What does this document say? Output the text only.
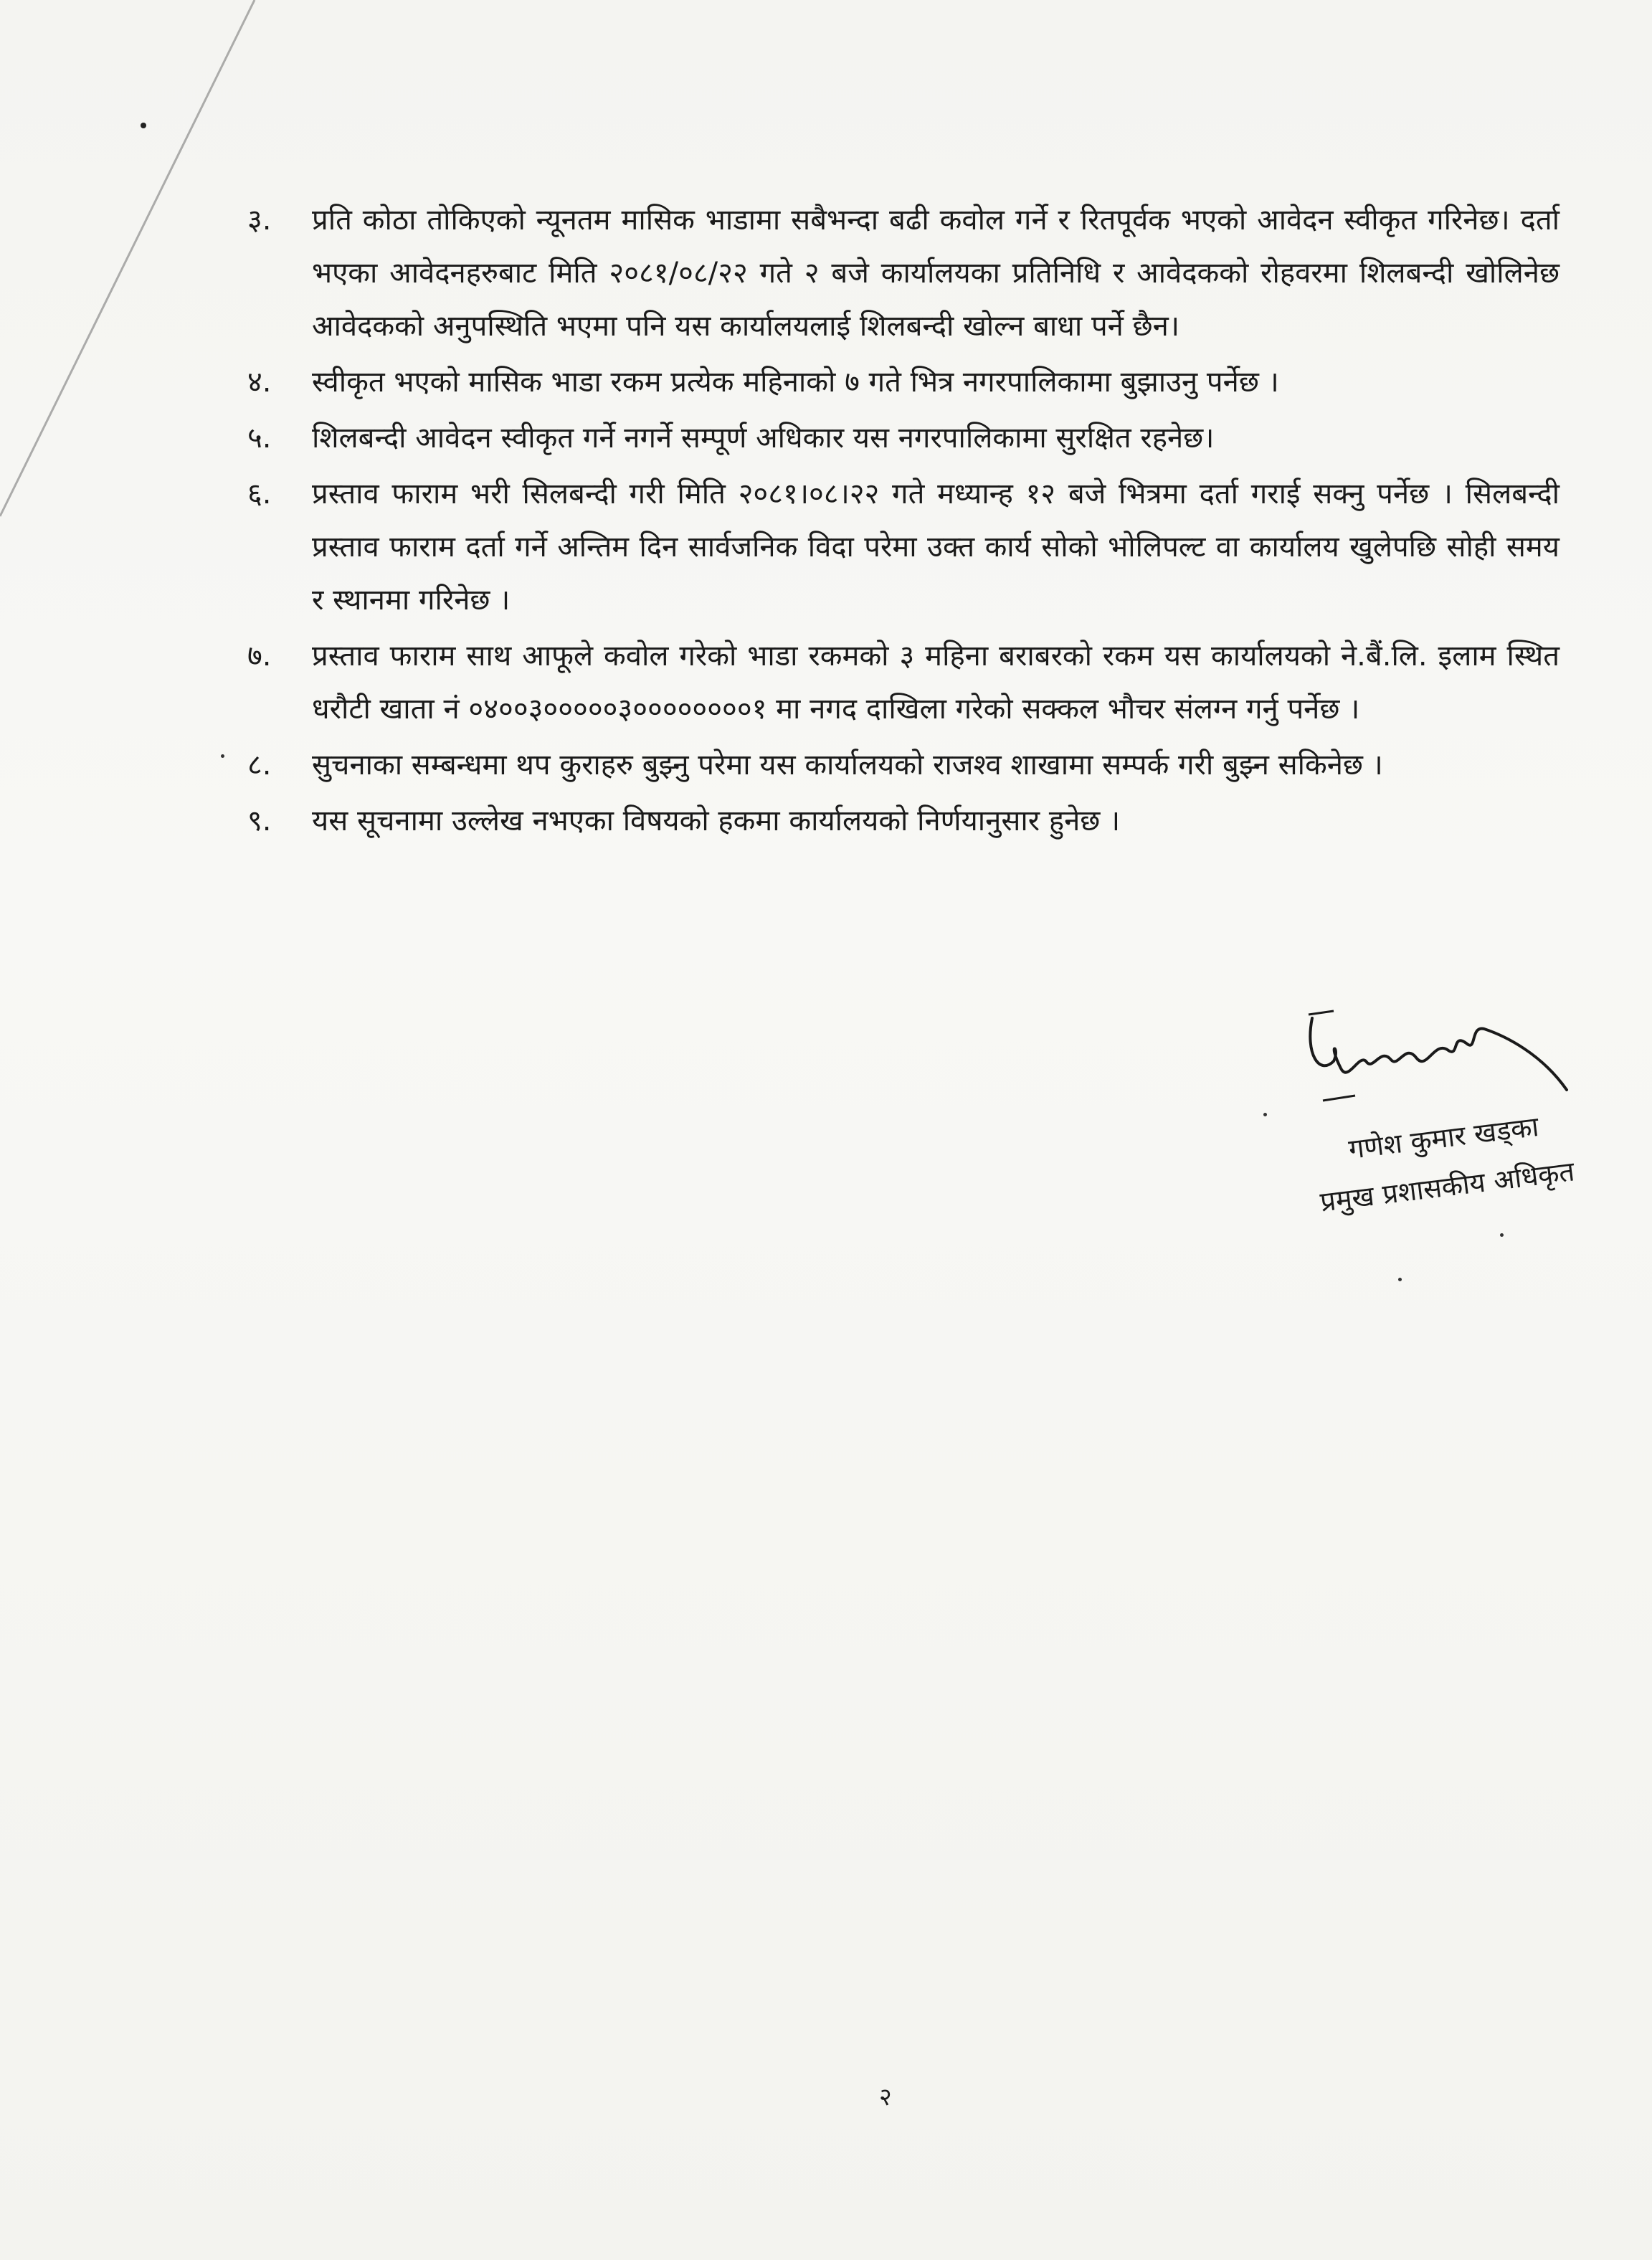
३.	प्रति कोठा तोकिएको न्यूनतम मासिक भाडामा सबैभन्दा बढी कवोल गर्ने र रितपूर्वक भएको आवेदन स्वीकृत गरिनेछ। दर्ता भएका आवेदनहरुबाट मिति २०८१/०८/२२ गते २ बजे कार्यालयका प्रतिनिधि र आवेदकको रोहवरमा शिलबन्दी खोलिनेछ आवेदकको अनुपस्थिति भएमा पनि यस कार्यालयलाई शिलबन्दी खोल्न बाधा पर्ने छैन।
४.	स्वीकृत भएको मासिक भाडा रकम प्रत्येक महिनाको ७ गते भित्र नगरपालिकामा बुझाउनु पर्नेछ ।
५.	शिलबन्दी आवेदन स्वीकृत गर्ने नगर्ने सम्पूर्ण अधिकार यस नगरपालिकामा सुरक्षित रहनेछ।
६.	प्रस्ताव फाराम भरी सिलबन्दी गरी मिति २०८१।०८।२२ गते मध्यान्ह १२ बजे भित्रमा दर्ता गराई सक्नु पर्नेछ । सिलबन्दी प्रस्ताव फाराम दर्ता गर्ने अन्तिम दिन सार्वजनिक विदा परेमा उक्त कार्य सोको भोलिपल्ट वा कार्यालय खुलेपछि सोही समय र स्थानमा गरिनेछ ।
७.	प्रस्ताव फाराम साथ आफूले कवोल गरेको भाडा रकमको ३ महिना बराबरको रकम यस कार्यालयको ने.बैं.लि. इलाम स्थित धरौटी खाता नं ०४००३०००००३००००००००१ मा नगद दाखिला गरेको सक्कल भौचर संलग्न गर्नु पर्नेछ ।
८.	सुचनाका सम्बन्धमा थप कुराहरु बुझ्नु परेमा यस कार्यालयको राजश्व शाखामा सम्पर्क गरी बुझ्न सकिनेछ ।
९.	यस सूचनामा उल्लेख नभएका विषयको हकमा कार्यालयको निर्णयानुसार हुनेछ ।
गणेश कुमार खड्का
प्रमुख प्रशासकीय अधिकृत
२
